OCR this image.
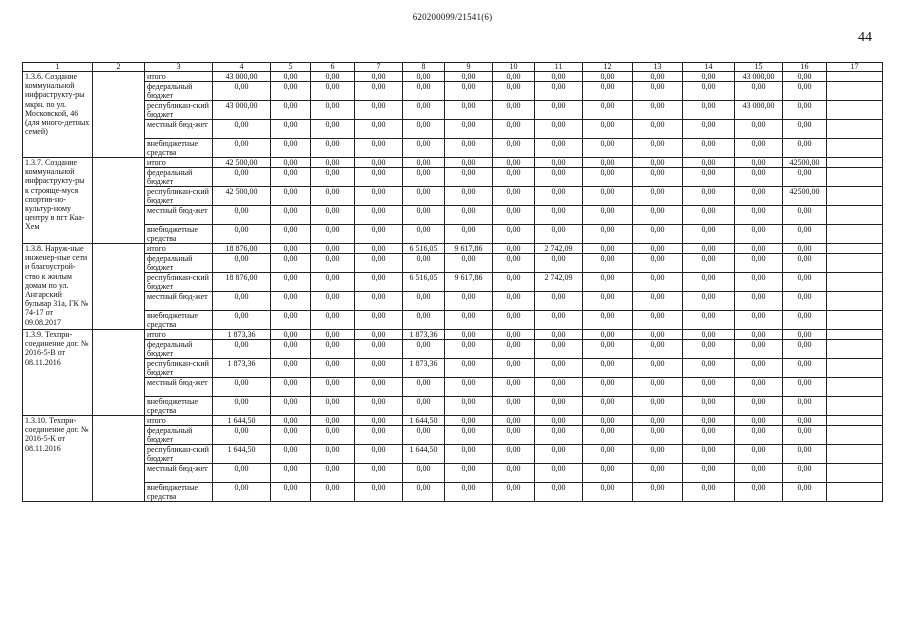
620200099/21541(6)
44
1	2	3	4	5	6	7	8	9	10	11	12	13	14	15	16	17
1.3.6. Создание коммунальной инфраструкту-ры мкрн. по ул. Московской, 46 (для много-детных семей)		итого	43 000,00	0,00	0,00	0,00	0,00	0,00	0,00	0,00	0,00	0,00	0,00	43 000,00	0,00	
		федеральный бюджет	0,00	0,00	0,00	0,00	0,00	0,00	0,00	0,00	0,00	0,00	0,00	0,00	0,00	
		республикан-ский бюджет	43 000,00	0,00	0,00	0,00	0,00	0,00	0,00	0,00	0,00	0,00	0,00	43 000,00	0,00	
		местный бюд-жет	0,00	0,00	0,00	0,00	0,00	0,00	0,00	0,00	0,00	0,00	0,00	0,00	0,00	
		внебюджетные средства	0,00	0,00	0,00	0,00	0,00	0,00	0,00	0,00	0,00	0,00	0,00	0,00	0,00	
1.3.7. Создание коммунальной инфраструкту-ры к строяще-муся спортив-но-культур-ному центру в пгт Каа-Хем		итого	42 500,00	0,00	0,00	0,00	0,00	0,00	0,00	0,00	0,00	0,00	0,00	0,00	42500,00	
		федеральный бюджет	0,00	0,00	0,00	0,00	0,00	0,00	0,00	0,00	0,00	0,00	0,00	0,00	0,00	
		республикан-ский бюджет	42 500,00	0,00	0,00	0,00	0,00	0,00	0,00	0,00	0,00	0,00	0,00	0,00	42500,00	
		местный бюд-жет	0,00	0,00	0,00	0,00	0,00	0,00	0,00	0,00	0,00	0,00	0,00	0,00	0,00	
		внебюджетные средства	0,00	0,00	0,00	0,00	0,00	0,00	0,00	0,00	0,00	0,00	0,00	0,00	0,00	
1.3.8. Наруж-ные инженер-ные сети и благоустрой-ство к жилым домам по ул. Ангарский бульвар 31а, ГК № 74-17 от 09.08.2017		итого	18 876,00	0,00	0,00	0,00	6 516,05	9 617,86	0,00	2 742,09	0,00	0,00	0,00	0,00	0,00	
		федеральный бюджет	0,00	0,00	0,00	0,00	0,00	0,00	0,00	0,00	0,00	0,00	0,00	0,00	0,00	
		республикан-ский бюджет	18 876,00	0,00	0,00	0,00	6 516,05	9 617,86	0,00	2 742,09	0,00	0,00	0,00	0,00	0,00	
		местный бюд-жет	0,00	0,00	0,00	0,00	0,00	0,00	0,00	0,00	0,00	0,00	0,00	0,00	0,00	
		внебюджетные средства	0,00	0,00	0,00	0,00	0,00	0,00	0,00	0,00	0,00	0,00	0,00	0,00	0,00	
1.3.9. Техпри-соединение дог. № 2016-5-В от 08.11.2016		итого	1 873,36	0,00	0,00	0,00	1 873,36	0,00	0,00	0,00	0,00	0,00	0,00	0,00	0,00	
		федеральный бюджет	0,00	0,00	0,00	0,00	0,00	0,00	0,00	0,00	0,00	0,00	0,00	0,00	0,00	
		республикан-ский бюджет	1 873,36	0,00	0,00	0,00	1 873,36	0,00	0,00	0,00	0,00	0,00	0,00	0,00	0,00	
		местный бюд-жет	0,00	0,00	0,00	0,00	0,00	0,00	0,00	0,00	0,00	0,00	0,00	0,00	0,00	
		внебюджетные средства	0,00	0,00	0,00	0,00	0,00	0,00	0,00	0,00	0,00	0,00	0,00	0,00	0,00	
1.3.10. Техпри-соединение дог. № 2016-5-К от 08.11.2016		итого	1 644,50	0,00	0,00	0,00	1 644,50	0,00	0,00	0,00	0,00	0,00	0,00	0,00	0,00	
		федеральный бюджет	0,00	0,00	0,00	0,00	0,00	0,00	0,00	0,00	0,00	0,00	0,00	0,00	0,00	
		республикан-ский бюджет	1 644,50	0,00	0,00	0,00	1 644,50	0,00	0,00	0,00	0,00	0,00	0,00	0,00	0,00	
		местный бюд-жет	0,00	0,00	0,00	0,00	0,00	0,00	0,00	0,00	0,00	0,00	0,00	0,00	0,00	
		внебюджетные средства	0,00	0,00	0,00	0,00	0,00	0,00	0,00	0,00	0,00	0,00	0,00	0,00	0,00	
